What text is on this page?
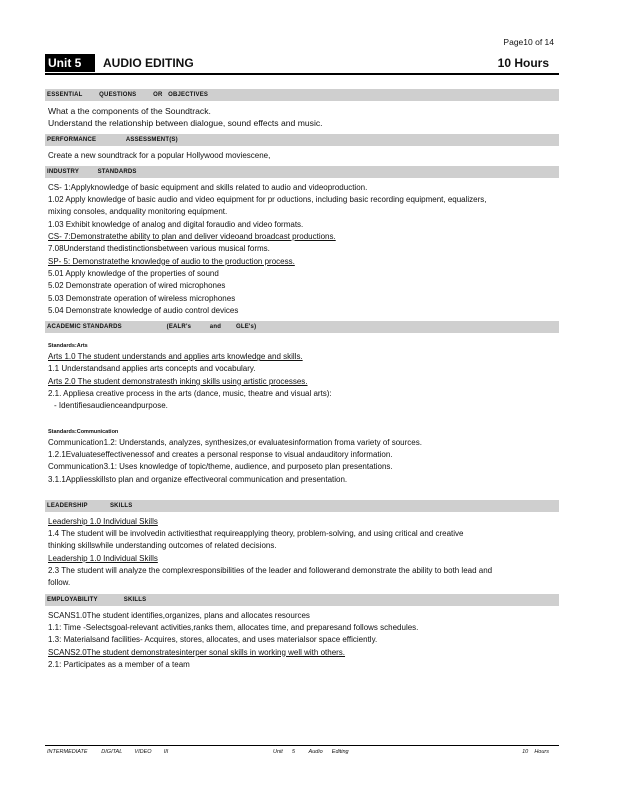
Page10 of 14
Unit 5	AUDIO EDITING	10 Hours
ESSENTIAL         QUESTIONS         OR   OBJECTIVES
What a the components of the Soundtrack.
Understand the relationship between dialogue, sound effects and music.
PERFORMANCE                ASSESSMENT(S)
Create a new soundtrack for a popular Hollywood moviescene,
INDUSTRY          STANDARDS
CS- 1:Applyknowledge of basic equipment and skills related to audio and videoproduction.
1.02 Apply knowledge of basic audio and video equipment for pr oductions, including basic recording equipment, equalizers,
mixing consoles, andquality monitoring equipment.
1.03 Exhibit knowledge of analog and digital foraudio and video formats.
CS- 7:Demonstratethe ability to plan and deliver videoand broadcast productions.
7.08Understand thedistinctionsbetween various musical forms.
SP- 5: Demonstratethe knowledge of audio to the production process.
5.01 Apply knowledge of the properties of sound
5.02 Demonstrate operation of wired microphones
5.03 Demonstrate operation of wireless microphones
5.04 Demonstrate knowledge of audio control devices
ACADEMIC STANDARDS                        (EALR's          and        GLE's)
Standards:Arts
Arts 1.0 The student understands and applies arts knowledge and skills.
1.1 Understandsand applies arts concepts and vocabulary.
Arts 2.0 The student demonstratesth inking skills using artistic processes.
2.1. Appliesa creative process in the arts (dance, music, theatre and visual arts):
- Identifiesaudienceandpurpose.
Standards:Communication
Communication1.2: Understands, analyzes, synthesizes,or evaluatesinformation froma variety of sources.
1.2.1Evaluateseffectivenessof and creates a personal response to visual andauditory information.
Communication3.1: Uses knowledge of topic/theme, audience, and purposeto plan presentations.
3.1.1Appliesskillsto plan and organize effectiveoral communication and presentation.
LEADERSHIP            SKILLS
Leadership 1.0 Individual Skills
1.4 The student will be involvedin activitiesthat requireapplying theory, problem-solving, and using critical and creative
thinking skillswhile understanding outcomes of related decisions.
Leadership 1.0 Individual Skills
2.3 The student will analyze the complexresponsibilities of the leader and followerand demonstrate the ability to both lead and
follow.
EMPLOYABILITY              SKILLS
SCANS1.0The student identifies,organizes, plans and allocates resources
1.1: Time -Selectsgoal-relevant activities,ranks them, allocates time, and preparesand follows schedules.
1.3: Materialsand facilities- Acquires, stores, allocates, and uses materialsor space efficiently.
SCANS2.0The student demonstratesinterper sonal skills in working well with others.
2.1: Participates as a member of a team
INTERMEDIATE         DIGITAL        VIDEO        III	Unit      5         Audio      Editing	10    Hours
